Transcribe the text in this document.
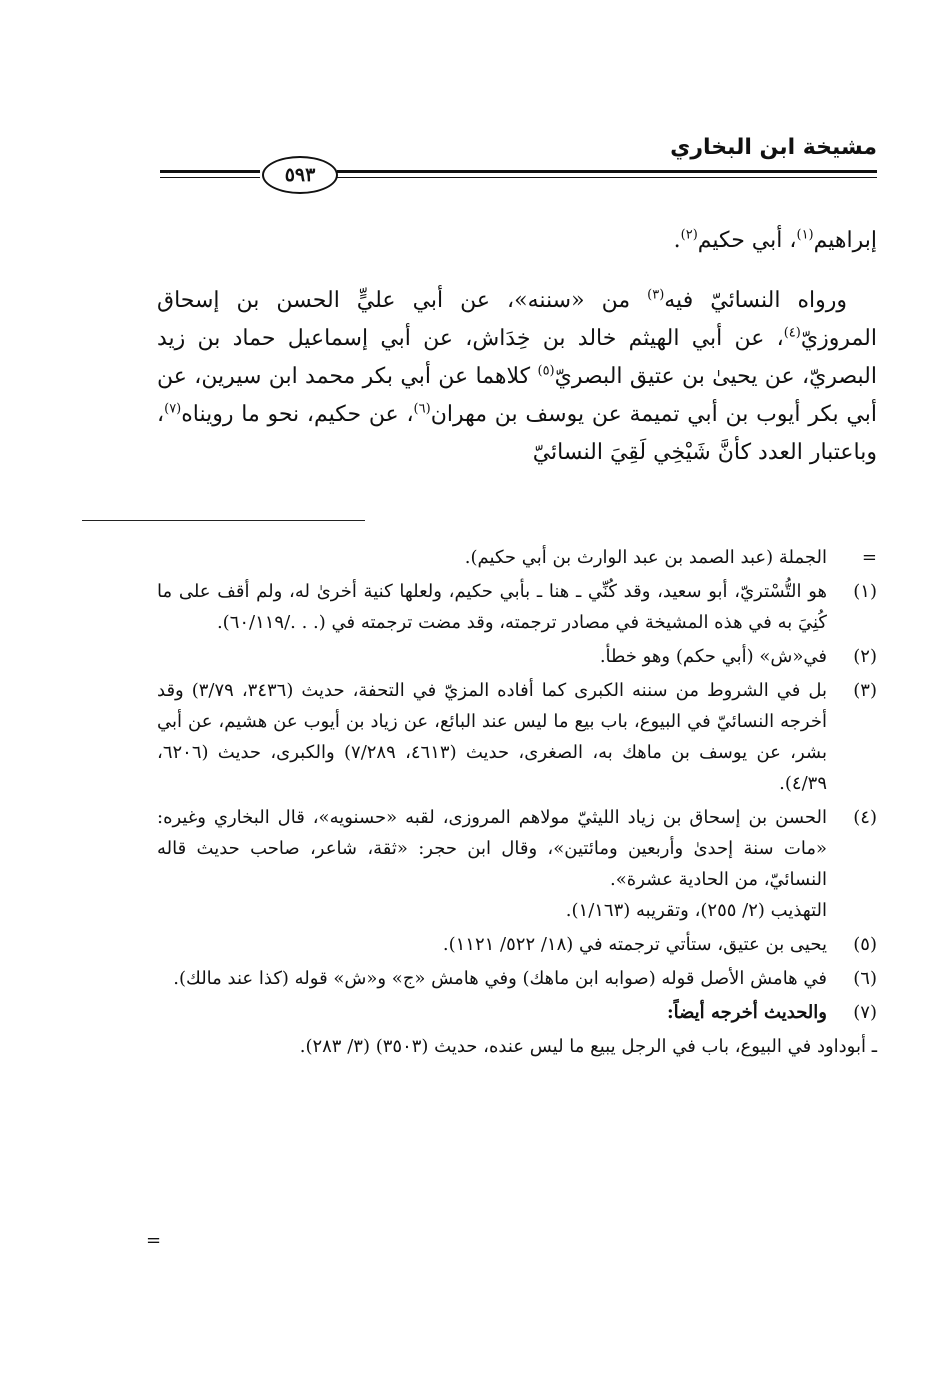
مشيخة ابن البخاري
٥٩٣

إبراهيم$^{(١)}$، أبي حكيم$^{(٢)}$.

ورواه النسائيّ فيه$^{(٣)}$ من «سننه»، عن أبي عليٍّ الحسن بن إسحاق المروزيّ$^{(٤)}$، عن أبي الهيثم خالد بن خِدَاش، عن أبي إسماعيل حماد بن زيد البصريّ، عن يحيىٰ بن عتيق البصريّ$^{(٥)}$ كلاهما عن أبي بكر محمد ابن سيرين، عن أبي بكر أيوب بن أبي تميمة عن يوسف بن مهران$^{(٦)}$، عن حكيم، نحو ما رويناه$^{(٧)}$، وباعتبار العدد كأنَّ شَيْخِي لَقِيَ النسائيّ

=
الجملة (عبد الصمد بن عبد الوارث بن أبي حكيم).
(١)
هو التُّسْتريّ، أبو سعيد، وقد كُنِّي ـ هنا ـ بأبي حكيم، ولعلها كنية أخرىٰ له، ولم أقف على ما كُنِيَ به في هذه المشيخة في مصادر ترجمته، وقد مضت ترجمته في (. . ./٦٠/١١٩).
(٢)
في«ش» (أبي حكم) وهو خطأ.
(٣)
بل في الشروط من سننه الكبرى كما أفاده المزيّ في التحفة، حديث (٣٤٣٦، ٣/٧٩) وقد أخرجه النسائيّ في البيوع، باب بيع ما ليس عند البائع، عن زياد بن أيوب عن هشيم، عن أبي بشر، عن يوسف بن ماهك به، الصغرى، حديث (٤٦١٣، ٧/٢٨٩) والكبرى، حديث (٦٢٠٦، ٤/٣٩).
(٤)

الحسن بن إسحاق بن زياد الليثيّ مولاهم المروزى، لقبه «حسنويه»، قال البخاري وغيره: «مات سنة إحدىٰ وأربعين ومائتين»، وقال ابن حجر: «ثقة، شاعر، صاحب حديث قاله النسائيّ، من الحادية عشرة».

التهذيب (٢/ ٢٥٥)، وتقريبه (١/١٦٣).

(٥)
يحيى بن عتيق، ستأتي ترجمته في (١٨/ ٥٢٢/ ١١٢١).
(٦)
في هامش الأصل قوله (صوابه ابن ماهك) وفي هامش «ج» و«ش» قوله (كذا عند مالك).
(٧)
والحديث أخرجه أيضاً:
ـ أبوداود في البيوع، باب في الرجل يبيع ما ليس عنده، حديث (٣٥٠٣) (٣/ ٢٨٣).
=
